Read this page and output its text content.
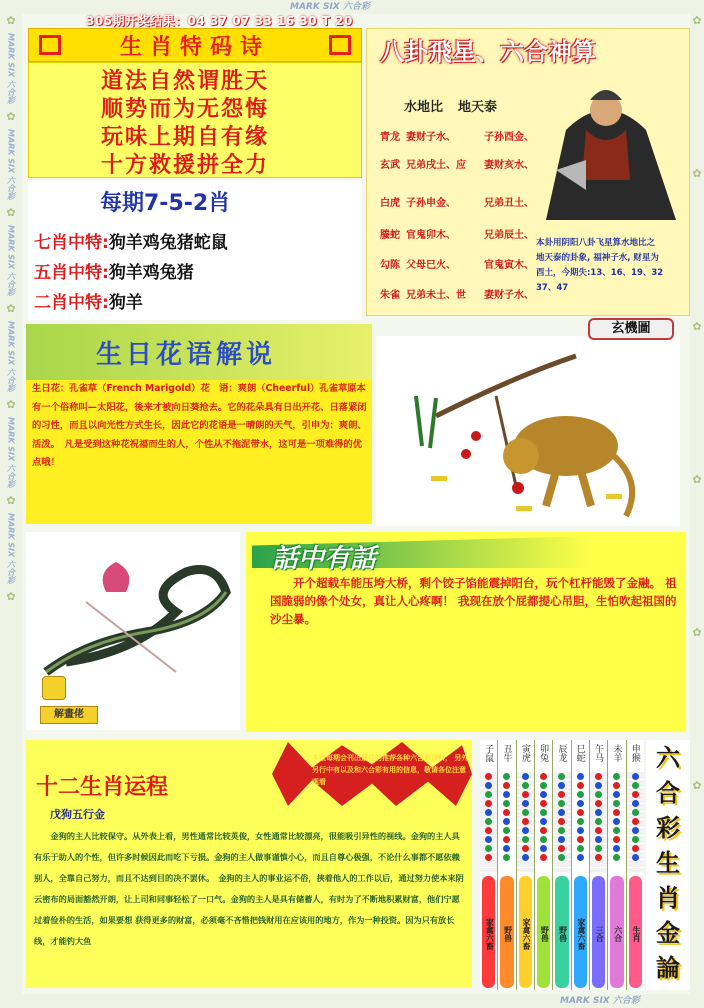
MARK SIX 六合彩
MARK SIX 六合彩
✿
MARK SIX 六合彩
✿
MARK SIX 六合彩
✿
MARK SIX 六合彩
✿
MARK SIX 六合彩
✿
MARK SIX 六合彩
✿
MARK SIX 六合彩
✿
✿
✿
✿
✿
✿
✿
305期开奖结果：04 37 07 33 16 30 T 20
生肖特码诗
道法自然谓胜天
顺势而为无怨悔
玩味上期自有缘
十方救援拼全力
每期7-5-2肖
七肖中特:狗羊鸡兔猪蛇鼠
五肖中特:狗羊鸡兔猪
二肖中特:狗羊
八卦飛星、六合神算
水地比 地天泰
青龙 妻财子水、	子孙酉金、
玄武 兄弟戌土、应 妻财亥水、
白虎 子孙申金、	兄弟丑土、
螣蛇 官鬼卯木、	兄弟辰土、
勾陈 父母巳火、	官鬼寅木、
朱雀 兄弟未土、世 妻财子水、
本卦用阴阳八卦飞星算水地比之
地天泰的卦象, 福神子水, 财星为
酉土，今期失:13、16、19、32
37、47
生日花语解说
生日花：孔雀草（French Marigold）花　语：爽朗（Cheerful）孔雀草原本有一个俗称叫—太阳花，後来才被向日葵抢去。它的花朵具有日出开花、日落紧闭的习性，而且以向光性方式生长，因此它的花语是一晴朗的天气，引申为：爽朗、活泼。　凡是受到这种花祝福而生的人，个性从不拖泥带水，这可是一项难得的优点哦！
玄機圖
解畫佬
話中有話
开个超载车能压垮大桥，剩个饺子馅能震掉阳台，玩个杠杆能毁了金融。 祖国脆弱的像个处女，真让人心疼啊！ 我现在放个屁都提心吊胆，生怕吹起祖国的沙尘暴。
本报每期会刊出最佳的推荐各种六合彩资料， 另外另行中有以及和六合彩有用的信息，敬请各位注意观看
十二生肖运程
戊狗五行金
金狗的主人比较保守。从外表上看，男性通常比较英俊，女性通常比较漂亮，很能吸引异性的视线。金狗的主人具有乐于助人的个性，但许多时候因此而吃下亏损。金狗的主人做事谨慎小心，而且自尊心极强，不论什么事都不愿依赖别人，全靠自己努力，而且不达到目的决不罢休。　金狗的主人的事业运不俗，挟着他人的工作以后，通过努力使本来阴云密布的局面豁然开朗，让上司和同事轻松了一口气。金狗的主人是具有储蓄人，有时为了不断地积累财富，他们宁愿过着俭朴的生活，如果要想 获得更多的财富，必须毫不吝惜把钱财用在应该用的地方，作为一种投资。因为只有放长线，才能钓大鱼
子鼠
家禽六畜
丑牛
野兽
寅虎
家禽六畜
卯兔
野兽
辰龙
野兽
巳蛇
家禽六畜
午马
三合
未羊
六合
申猴
生肖
六
合
彩
生
肖
金
論
